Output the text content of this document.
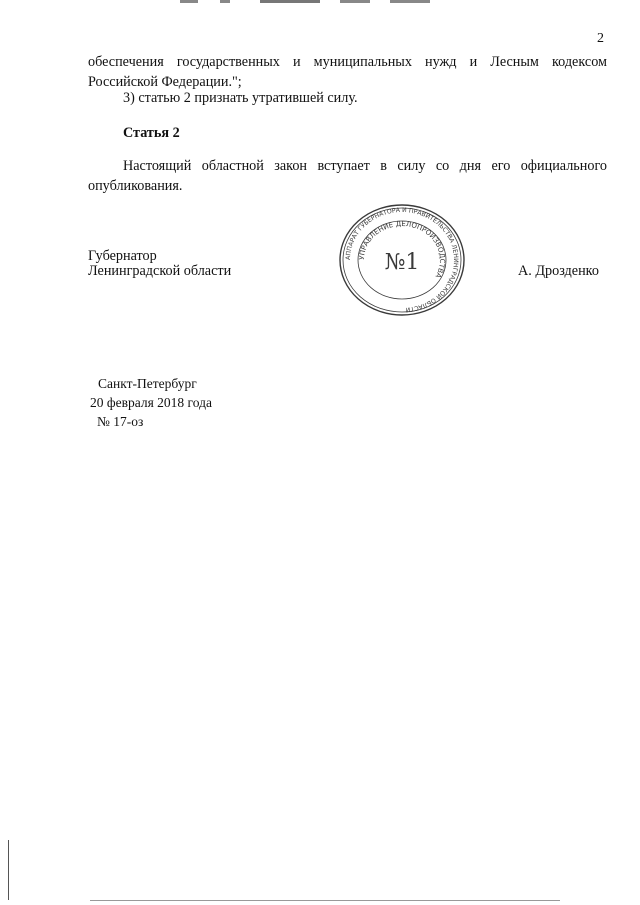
2

обеспечения государственных и муниципальных нужд и Лесным кодексом Российской Федерации.";

3) статью 2 признать утратившей силу.
Статья 2

Настоящий областной закон вступает в силу со дня его официального опубликования.

Губернатор
Ленинградской области	А. Дрозденко
АППАРАТ ГУБЕРНАТОРА И ПРАВИТЕЛЬСТВА ЛЕНИНГРАДСКОЙ ОБЛАСТИ
УПРАВЛЕНИЕ ДЕЛОПРОИЗВОДСТВА
№1
Санкт-Петербург
20 февраля 2018 года
№ 17-оз
